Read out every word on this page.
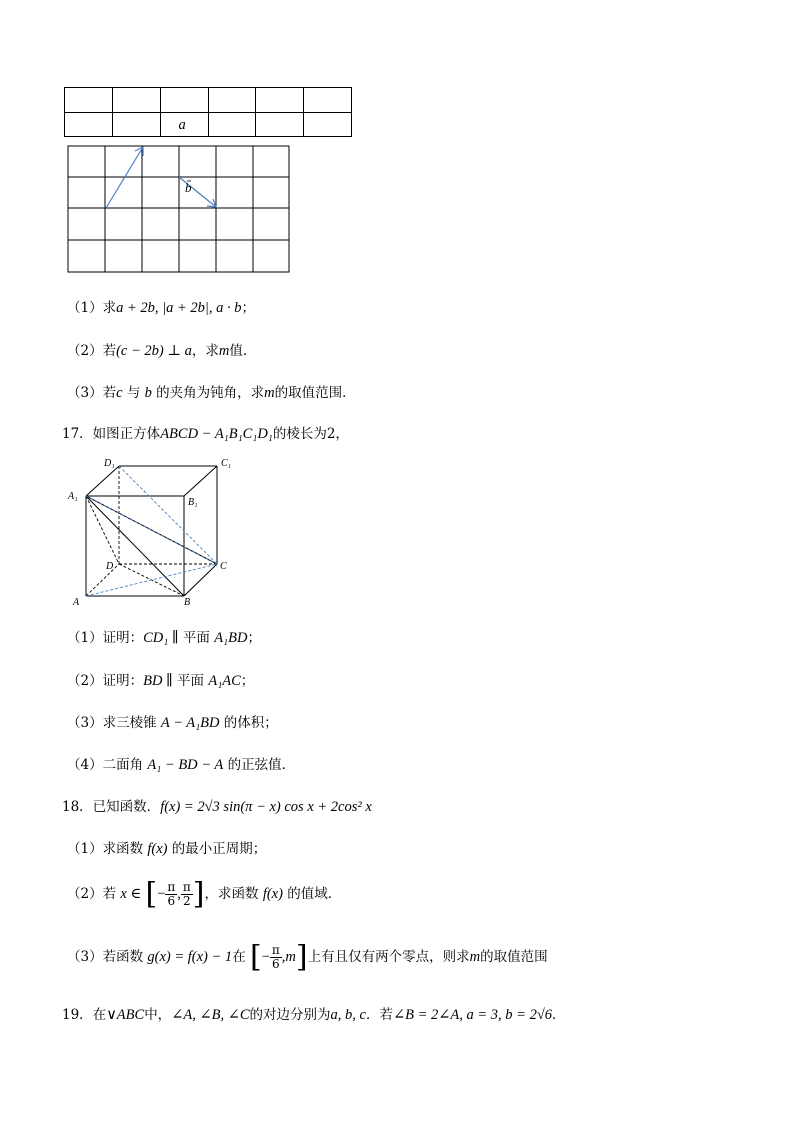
		a			
b
（1）求a + 2b, |a + 2b|, a · b；
（2）若(c − 2b) ⊥ a，求m值．
（3）若c 与 b 的夹角为钝角，求m的取值范围．
17．如图正方体ABCD − A₁B₁C₁D₁的棱长为2，
D₁	C₁
A₁
B₁
D	C
A	B
（1）证明：CD₁ ∥ 平面 A₁BD；
（2）证明：BD ∥ 平面 A₁AC；
（3）求三棱锥 A − A₁BD 的体积；
（4）二面角 A₁ − BD − A 的正弦值．
18．已知函数．f(x) = 2√3 sin(π − x) cos x + 2cos² x
（1）求函数 f(x) 的最小正周期；
（2）若 x ∈ [− $\frac{\pi}{6}$ , $\frac{\pi}{2}$ ]，求函数 f(x) 的值域．
（3）若函数 g(x) = f(x) − 1在 [− $\frac{\pi}{6} ,m$]上有且仅有两个零点，则求m的取值范围
19．在∨ABC中，∠A, ∠B, ∠C的对边分别为a, b, c．若∠B = 2∠A, a = 3, b = 2√6．
